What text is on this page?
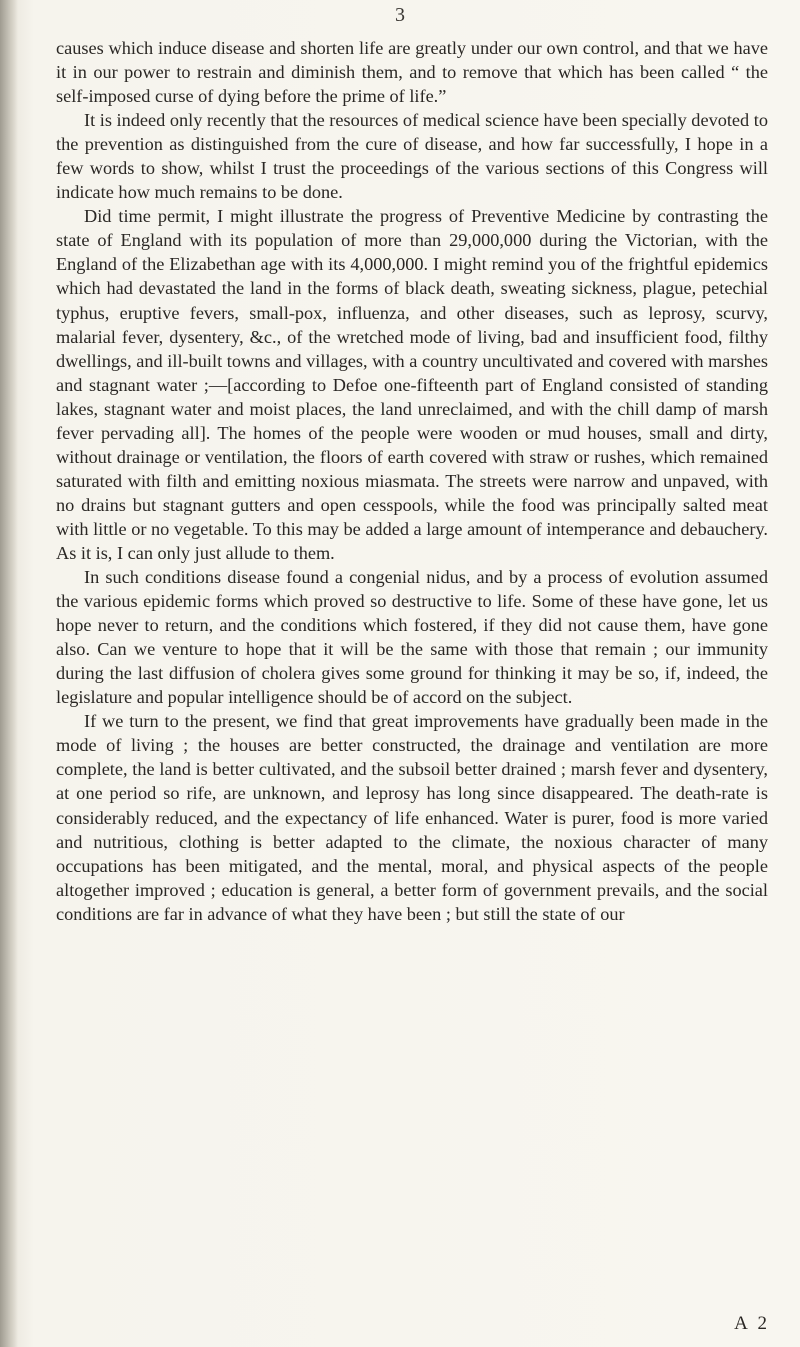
3

causes which induce disease and shorten life are greatly under our own control, and that we have it in our power to restrain and diminish them, and to remove that which has been called “ the self-imposed curse of dying before the prime of life.”

It is indeed only recently that the resources of medical science have been specially devoted to the prevention as distinguished from the cure of disease, and how far successfully, I hope in a few words to show, whilst I trust the proceedings of the various sections of this Congress will indicate how much remains to be done.

Did time permit, I might illustrate the progress of Preventive Medicine by contrasting the state of England with its population of more than 29,000,000 during the Victorian, with the England of the Elizabethan age with its 4,000,000. I might remind you of the frightful epidemics which had devastated the land in the forms of black death, sweating sickness, plague, petechial typhus, eruptive fevers, small-pox, influenza, and other diseases, such as leprosy, scurvy, malarial fever, dysentery, &c., of the wretched mode of living, bad and insufficient food, filthy dwellings, and ill-built towns and villages, with a country uncultivated and covered with marshes and stagnant water ;—[according to Defoe one-fifteenth part of England consisted of standing lakes, stagnant water and moist places, the land unreclaimed, and with the chill damp of marsh fever pervading all]. The homes of the people were wooden or mud houses, small and dirty, without drainage or ventilation, the floors of earth covered with straw or rushes, which remained saturated with filth and emitting noxious miasmata. The streets were narrow and unpaved, with no drains but stagnant gutters and open cesspools, while the food was principally salted meat with little or no vegetable. To this may be added a large amount of intemperance and debauchery. As it is, I can only just allude to them.

In such conditions disease found a congenial nidus, and by a process of evolution assumed the various epidemic forms which proved so destructive to life. Some of these have gone, let us hope never to return, and the conditions which fostered, if they did not cause them, have gone also. Can we venture to hope that it will be the same with those that remain ; our immunity during the last diffusion of cholera gives some ground for thinking it may be so, if, indeed, the legislature and popular intelligence should be of accord on the subject.

If we turn to the present, we find that great improvements have gradually been made in the mode of living ; the houses are better constructed, the drainage and ventilation are more complete, the land is better cultivated, and the subsoil better drained ; marsh fever and dysentery, at one period so rife, are unknown, and leprosy has long since disappeared. The death-rate is considerably reduced, and the expectancy of life enhanced. Water is purer, food is more varied and nutritious, clothing is better adapted to the climate, the noxious character of many occupations has been mitigated, and the mental, moral, and physical aspects of the people altogether improved ; education is general, a better form of government prevails, and the social conditions are far in advance of what they have been ; but still the state of our

A 2
